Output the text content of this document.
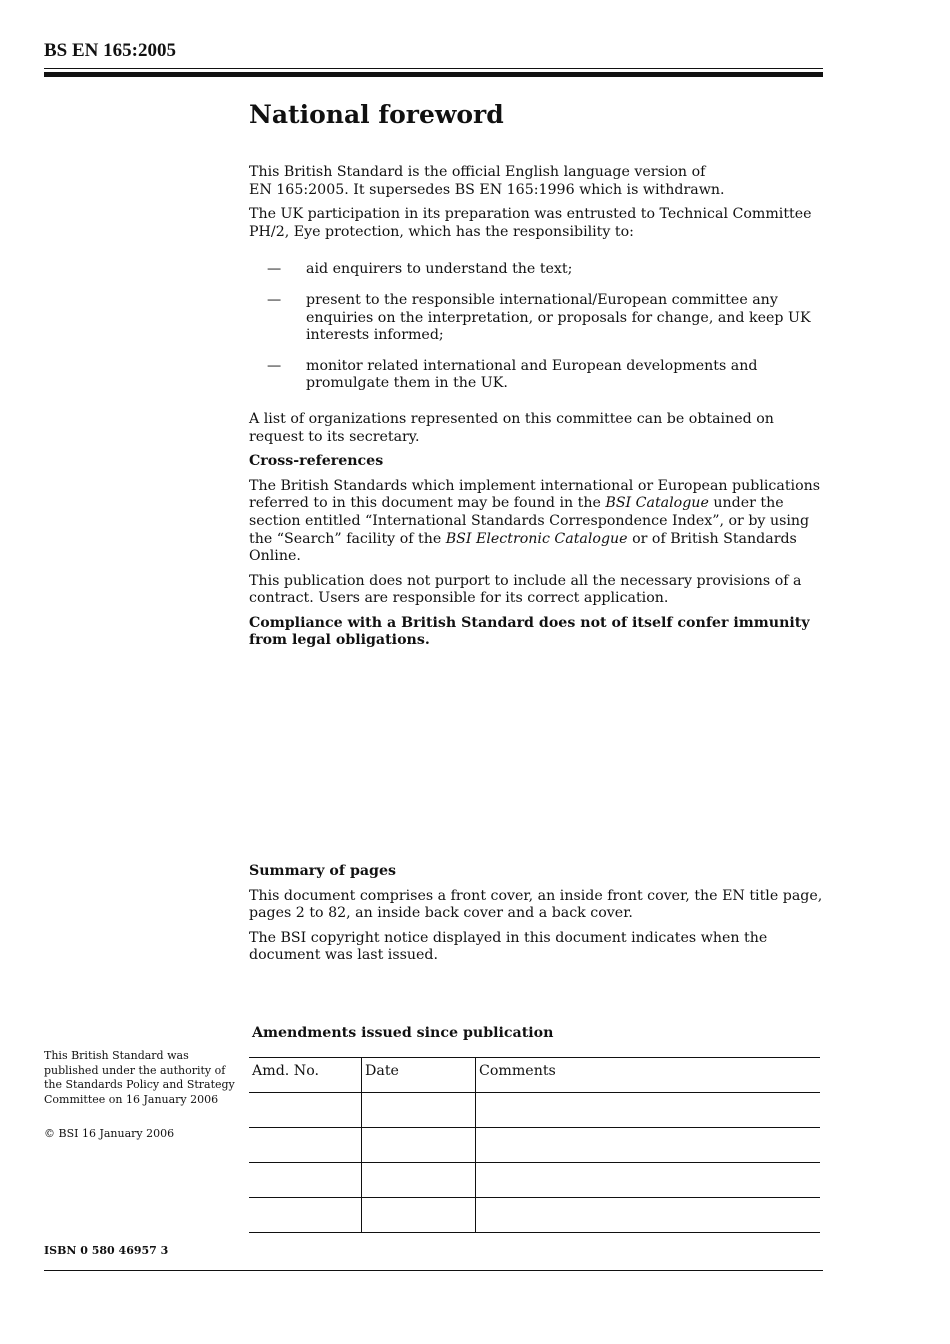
BS EN 165:2005
National foreword

This British Standard is the official English language version of EN 165:2005. It supersedes BS EN 165:1996 which is withdrawn.

The UK participation in its preparation was entrusted to Technical Committee PH/2, Eye protection, which has the responsibility to:

— aid enquirers to understand the text;
— present to the responsible international/European committee any enquiries on the interpretation, or proposals for change, and keep UK interests informed;
— monitor related international and European developments and promulgate them in the UK.

A list of organizations represented on this committee can be obtained on request to its secretary.

Cross-references

The British Standards which implement international or European publications referred to in this document may be found in the BSI Catalogue under the section entitled “International Standards Correspondence Index”, or by using the “Search” facility of the BSI Electronic Catalogue or of British Standards Online.

This publication does not purport to include all the necessary provisions of a contract. Users are responsible for its correct application.

Compliance with a British Standard does not of itself confer immunity from legal obligations.

Summary of pages

This document comprises a front cover, an inside front cover, the EN title page, pages 2 to 82, an inside back cover and a back cover.

The BSI copyright notice displayed in this document indicates when the document was last issued.

This British Standard was published under the authority of the Standards Policy and Strategy Committee on 16 January 2006

© BSI 16 January 2006

ISBN 0 580 46957 3
Amendments issued since publication
Amd. No.	Date	Comments
